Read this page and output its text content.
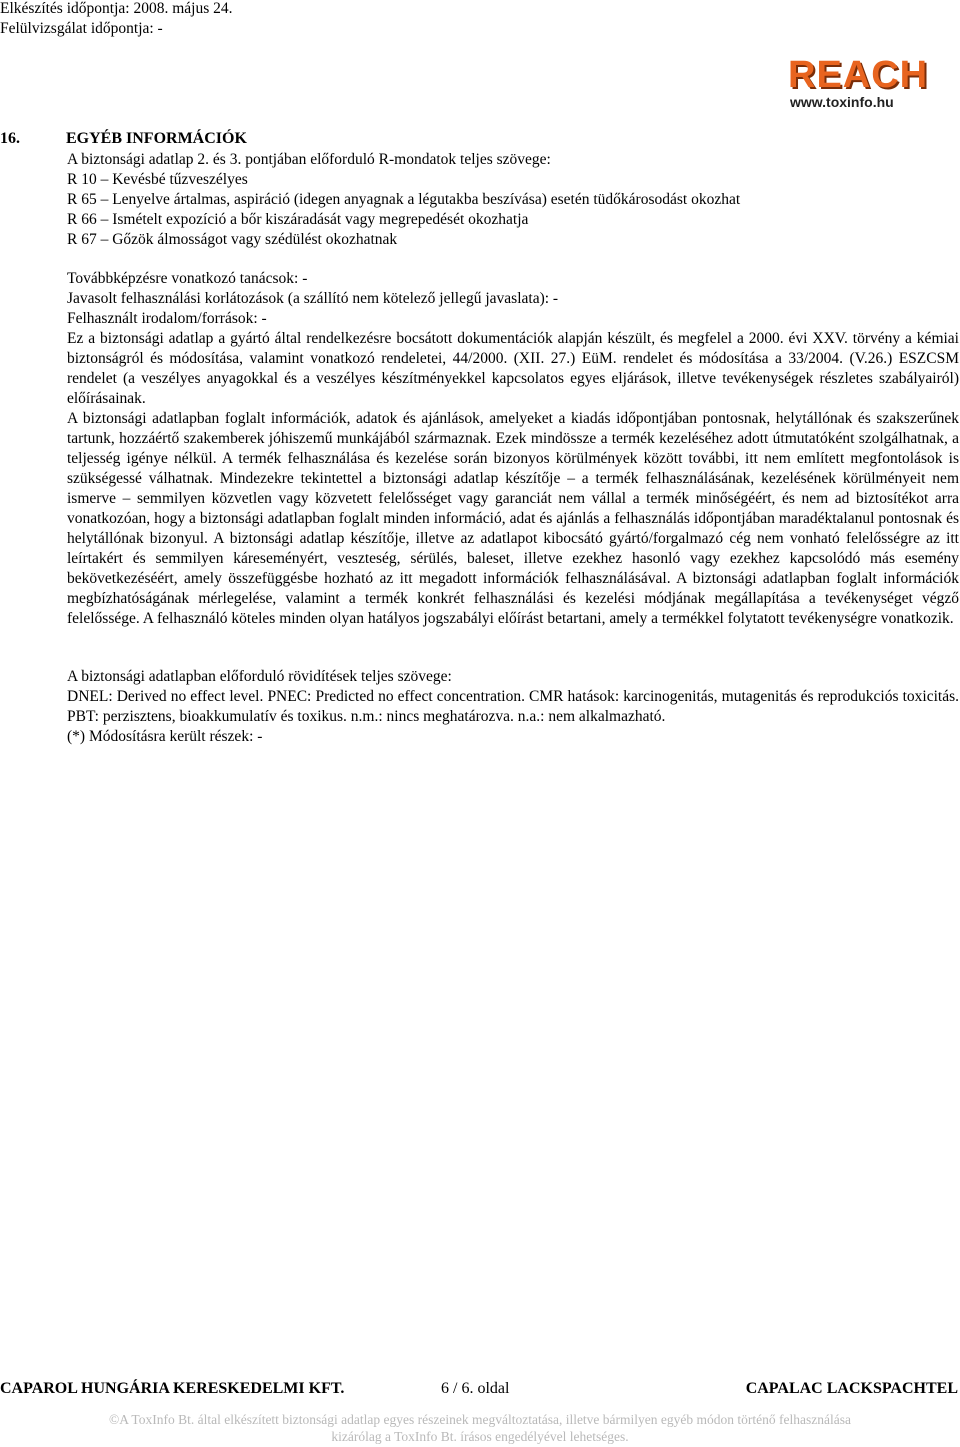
Elkészítés időpontja: 2008. május 24.
Felülvizsgálat időpontja: -
REACH
www.toxinfo.hu
16.	EGYÉB INFORMÁCIÓK

A biztonsági adatlap 2. és 3. pontjában előforduló R-mondatok teljes szövege:

R 10 – Kevésbé tűzveszélyes

R 65 – Lenyelve ártalmas, aspiráció (idegen anyagnak a légutakba beszívása) esetén tüdőkárosodást okozhat

R 66 – Ismételt expozíció a bőr kiszáradását vagy megrepedését okozhatja

R 67 – Gőzök álmosságot vagy szédülést okozhatnak

Továbbképzésre vonatkozó tanácsok: -

Javasolt felhasználási korlátozások (a szállító nem kötelező jellegű javaslata): -

Felhasznált irodalom/források: -

Ez a biztonsági adatlap a gyártó által rendelkezésre bocsátott dokumentációk alapján készült, és megfelel a 2000. évi XXV. törvény a kémiai biztonságról és módosítása, valamint vonatkozó rendeletei, 44/2000. (XII. 27.) EüM. rendelet és módosítása a 33/2004. (V.26.) ESZCSM rendelet (a veszélyes anyagokkal és a veszélyes készítményekkel kapcsolatos egyes eljárások, illetve tevékenységek részletes szabályairól) előírásainak.

A biztonsági adatlapban foglalt információk, adatok és ajánlások, amelyeket a kiadás időpontjában pontosnak, helytállónak és szakszerűnek tartunk, hozzáértő szakemberek jóhiszemű munkájából származnak. Ezek mindössze a termék kezeléséhez adott útmutatóként szolgálhatnak, a teljesség igénye nélkül. A termék felhasználása és kezelése során bizonyos körülmények között további, itt nem említett megfontolások is szükségessé válhatnak. Mindezekre tekintettel a biztonsági adatlap készítője – a termék felhasználásának, kezelésének körülményeit nem ismerve – semmilyen közvetlen vagy közvetett felelősséget vagy garanciát nem vállal a termék minőségéért, és nem ad biztosítékot arra vonatkozóan, hogy a biztonsági adatlapban foglalt minden információ, adat és ajánlás a felhasználás időpontjában maradéktalanul pontosnak és helytállónak bizonyul. A biztonsági adatlap készítője, illetve az adatlapot kibocsátó gyártó/forgalmazó cég nem vonható felelősségre az itt leírtakért és semmilyen káreseményért, veszteség, sérülés, baleset, illetve ezekhez hasonló vagy ezekhez kapcsolódó más esemény bekövetkezéséért, amely összefüggésbe hozható az itt megadott információk felhasználásával. A biztonsági adatlapban foglalt információk megbízhatóságának mérlegelése, valamint a termék konkrét felhasználási és kezelési módjának megállapítása a tevékenységet végző felelőssége. A felhasználó köteles minden olyan hatályos jogszabályi előírást betartani, amely a termékkel folytatott tevékenységre vonatkozik.

A biztonsági adatlapban előforduló rövidítések teljes szövege:

DNEL: Derived no effect level. PNEC: Predicted no effect concentration. CMR hatások: karcinogenitás, mutagenitás és reprodukciós toxicitás. PBT: perzisztens, bioakkumulatív és toxikus. n.m.: nincs meghatározva. n.a.: nem alkalmazható.

(*) Módosításra került részek: -

CAPAROL HUNGÁRIA KERESKEDELMI KFT.	6 / 6. oldal	CAPALAC LACKSPACHTEL
©A ToxInfo Bt. által elkészített biztonsági adatlap egyes részeinek megváltoztatása, illetve bármilyen egyéb módon történő felhasználása
kizárólag a ToxInfo Bt. írásos engedélyével lehetséges.
